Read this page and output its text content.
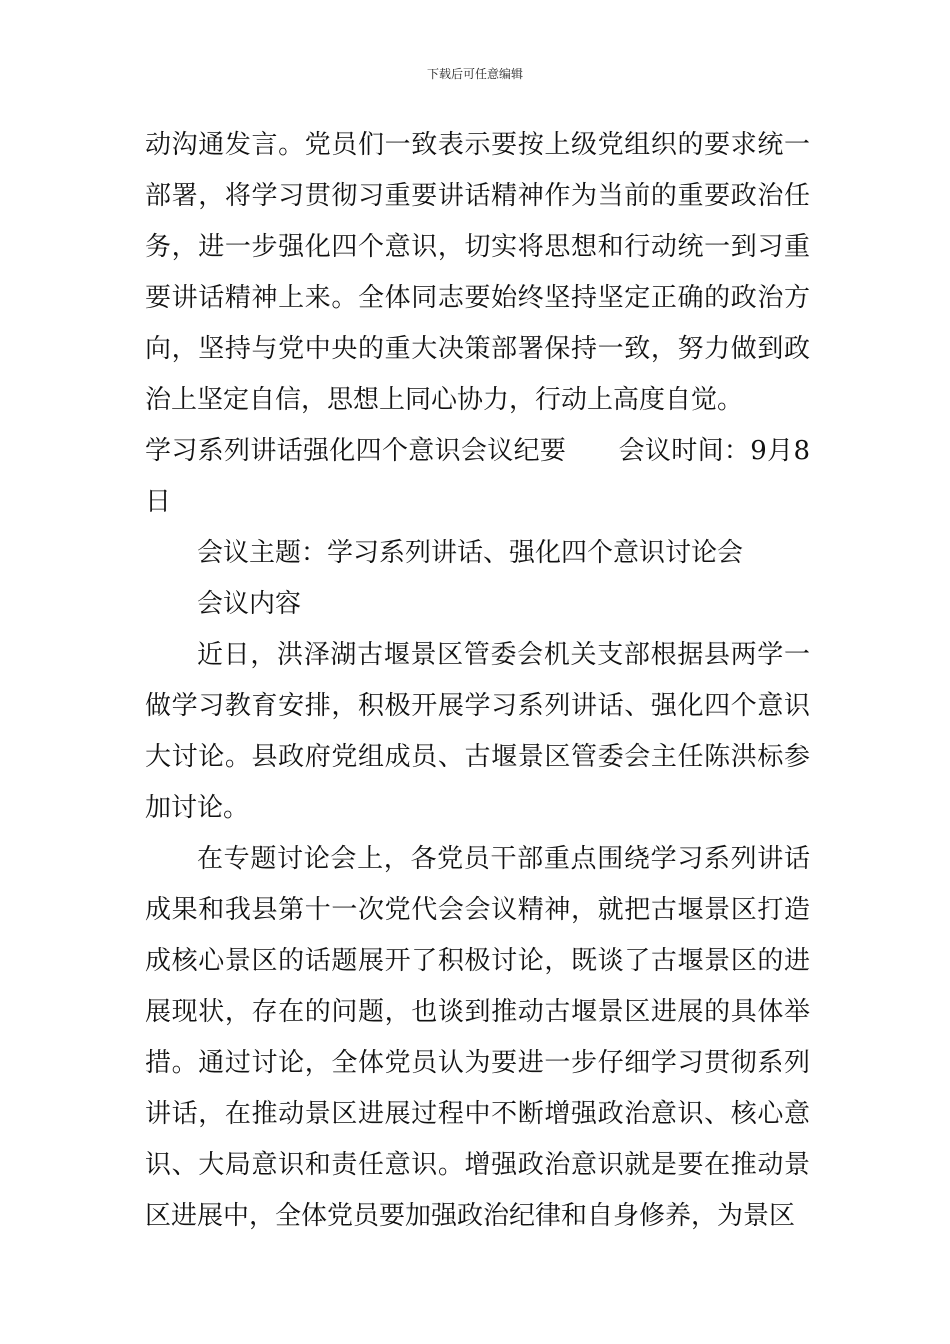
下载后可任意编辑

动沟通发言。党员们一致表示要按上级党组织的要求统一部署，将学习贯彻习重要讲话精神作为当前的重要政治任务，进一步强化四个意识，切实将思想和行动统一到习重要讲话精神上来。全体同志要始终坚持坚定正确的政治方向，坚持与党中央的重大决策部署保持一致，努力做到政治上坚定自信，思想上同心协力，行动上高度自觉。

学习系列讲话强化四个意识会议纪要 会议时间：9月8日

会议主题：学习系列讲话、强化四个意识讨论会

会议内容

近日，洪泽湖古堰景区管委会机关支部根据县两学一做学习教育安排，积极开展学习系列讲话、强化四个意识大讨论。县政府党组成员、古堰景区管委会主任陈洪标参加讨论。

在专题讨论会上，各党员干部重点围绕学习系列讲话成果和我县第十一次党代会会议精神，就把古堰景区打造成核心景区的话题展开了积极讨论，既谈了古堰景区的进展现状，存在的问题，也谈到推动古堰景区进展的具体举措。通过讨论，全体党员认为要进一步仔细学习贯彻系列讲话，在推动景区进展过程中不断增强政治意识、核心意识、大局意识和责任意识。增强政治意识就是要在推动景区进展中，全体党员要加强政治纪律和自身修养，为景区
